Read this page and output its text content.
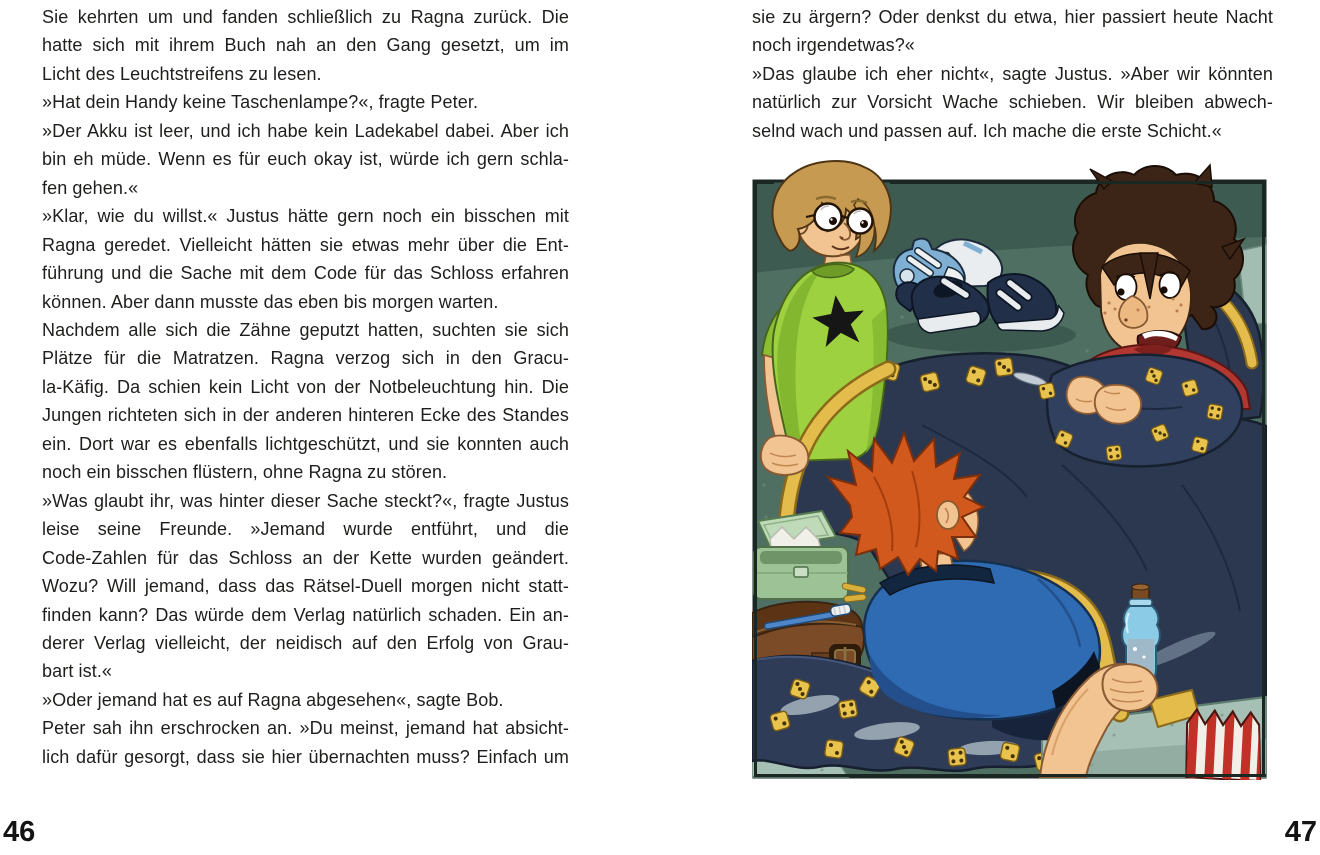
Sie kehrten um und fanden schließlich zu Ragna zurück. Die
hatte sich mit ihrem Buch nah an den Gang gesetzt, um im
Licht des Leuchtstreifens zu lesen.
»Hat dein Handy keine Taschenlampe?«, fragte Peter.
»Der Akku ist leer, und ich habe kein Ladekabel dabei. Aber ich
bin eh müde. Wenn es für euch okay ist, würde ich gern schla-
fen gehen.«
»Klar, wie du willst.« Justus hätte gern noch ein bisschen mit
Ragna geredet. Vielleicht hätten sie etwas mehr über die Ent-
führung und die Sache mit dem Code für das Schloss erfahren
können. Aber dann musste das eben bis morgen warten.
Nachdem alle sich die Zähne geputzt hatten, suchten sie sich
Plätze für die Matratzen. Ragna verzog sich in den Gracu-
la-Käfig. Da schien kein Licht von der Notbeleuchtung hin. Die
Jungen richteten sich in der anderen hinteren Ecke des Standes
ein. Dort war es ebenfalls lichtgeschützt, und sie konnten auch
noch ein bisschen flüstern, ohne Ragna zu stören.
»Was glaubt ihr, was hinter dieser Sache steckt?«, fragte Justus
leise seine Freunde. »Jemand wurde entführt, und die
Code-Zahlen für das Schloss an der Kette wurden geändert.
Wozu? Will jemand, dass das Rätsel-Duell morgen nicht statt-
finden kann? Das würde dem Verlag natürlich schaden. Ein an-
derer Verlag vielleicht, der neidisch auf den Erfolg von Grau-
bart ist.«
»Oder jemand hat es auf Ragna abgesehen«, sagte Bob.
Peter sah ihn erschrocken an. »Du meinst, jemand hat absicht-
lich dafür gesorgt, dass sie hier übernachten muss? Einfach um
46
sie zu ärgern? Oder denkst du etwa, hier passiert heute Nacht
noch irgendetwas?«
»Das glaube ich eher nicht«, sagte Justus. »Aber wir könnten
natürlich zur Vorsicht Wache schieben. Wir bleiben abwech-
selnd wach und passen auf. Ich mache die erste Schicht.«
47
